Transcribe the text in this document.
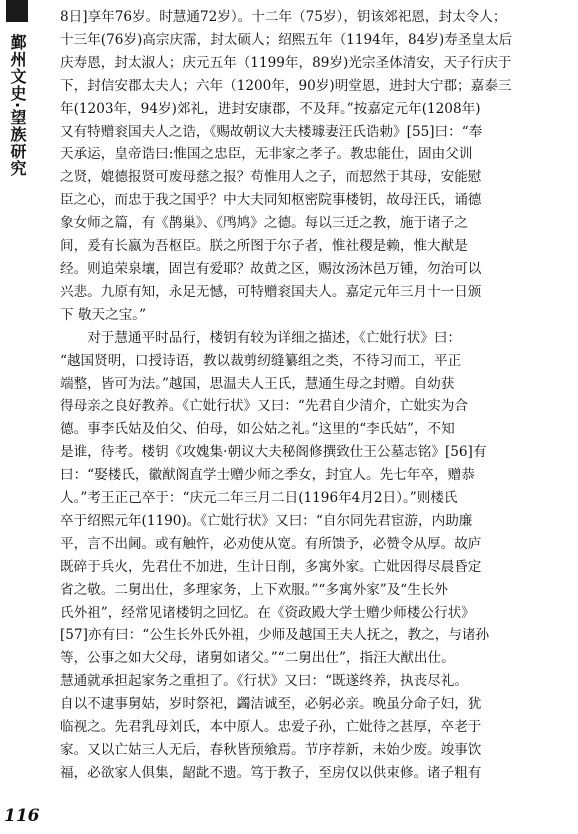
鄞州文史·望族研究
116
8日]享年76岁。时慧通72岁）。十二年（75岁），钥该郊祀恩，封太令人；
十三年(76岁)高宗庆霈，封太硕人；绍熙五年（1194年，84岁)寿圣皇太后
庆寿恩，封太淑人；庆元五年（1199年，89岁)光宗圣体清安，天子行庆于
下，封信安郡太夫人；六年（1200年，90岁)明堂恩，进封大宁郡；嘉泰三
年(1203年，94岁)郊礼，进封安康郡，不及拜。”按嘉定元年(1208年)
又有特赠衮国夫人之诰，《赐故朝议大夫楼璩妻汪氏诰勅》[55]曰：“奉
天承运，皇帝诰曰:惟国之忠臣，无非家之孝子。教忠能仕，固由父训
之贤，媲德报贤可废母慈之报？苟惟用人之子，而恝然于其母，安能慰
臣之心，而忠于我之国乎？中大夫同知枢密院事楼钥，故母汪氏，诵德
象女师之篇，有《鹊巢》、《鸤鸠》之德。每以三迁之教，施于诸子之
间，爰有长嬴为吾枢臣。朕之所图于尔子者，惟社稷是赖，惟大猷是
经。则追荣泉壤，固岂有爱耶？故黄之区，赐汝汤沐邑万锺，勿治可以
兴悲。九原有知，永足无憾，可特赠衮国夫人。嘉定元年三月十一日颁
下 敬天之宝。”
对于慧通平时品行，楼钥有较为详细之描述，《亡妣行状》曰：
“越国贤明，口授诗语，教以裁剪纫缝纂组之类，不待习而工，平正
端整，皆可为法。”越国，思温夫人王氏，慧通生母之封赠。自幼获
得母亲之良好教养。《亡妣行状》又曰：“先君自少清介，亡妣实为合
德。事李氏姑及伯父、伯母，如公姑之礼。”这里的“李氏姑”，不知
是谁，待考。楼钥《攻媿集·朝议大夫秘阁修撰致仕王公墓志铭》[56]有
曰：“娶楼氏，徽猷阁直学士赠少师之季女，封宜人。先七年卒，赠恭
人。”考王正己卒于：“庆元二年三月二日(1196年4月2日）。”则楼氏
卒于绍熙元年(1190)。《亡妣行状》又曰：“自尔同先君宦游，内助廉
平，言不出阃。或有触忤，必劝使从宽。有所馈予，必赞令从厚。故庐
既碎于兵火，先君仕不加进，生计日削，多寓外家。亡妣因得尽晨昏定
省之敬。二舅出仕，多理家务，上下欢服。”“多寓外家”及“生长外
氏外祖”，经常见诸楼钥之回忆。在《资政殿大学士赠少师楼公行状》
[57]亦有曰：“公生长外氏外祖，少师及越国王夫人抚之，教之，与诸孙
等，公事之如大父母，诸舅如诸父。”“二舅出仕”，指汪大猷出仕。
慧通就承担起家务之重担了。《行状》又曰：“既遂终养，执丧尽礼。
自以不逮事舅姑，岁时祭祀，蠲洁诚至，必躬必亲。晚虽分命子妇，犹
临视之。先君乳母刘氏，本中原人。忠爱子孙，亡妣待之甚厚，卒老于
家。又以亡姑三人无后，春秋皆预飨焉。节序荐新，未始少废。竣事饮
福，必欲家人俱集，龆龀不遗。笃于教子，至房仅以供束修。诸子粗有
